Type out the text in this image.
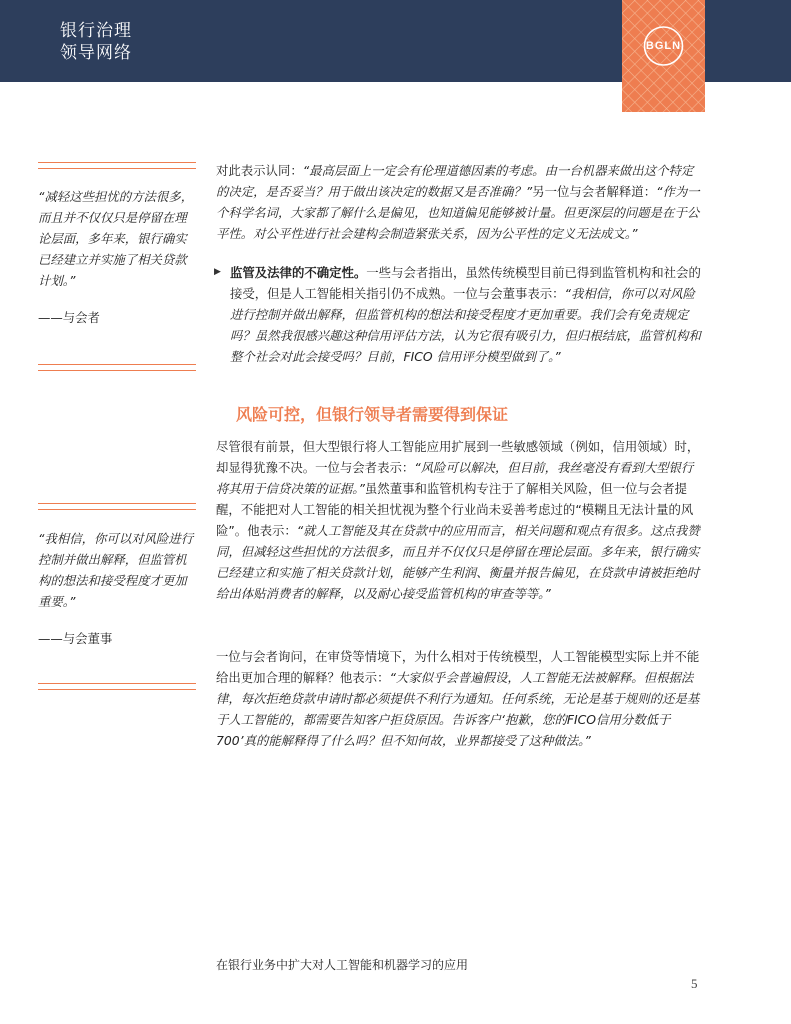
银行治理
领导网络	BGLN

对此表示认同：“最高层面上一定会有伦理道德因素的考虑。由一台机器来做出这个特定的决定，是否妥当？用于做出该决定的数据又是否准确？”另一位与会者解释道：“作为一个科学名词，大家都了解什么是偏见，也知道偏见能够被计量。但更深层的问题是在于公平性。对公平性进行社会建构会制造紧张关系，因为公平性的定义无法成文。”

▶ 监管及法律的不确定性。一些与会者指出，虽然传统模型目前已得到监管机构和社会的接受，但是人工智能相关指引仍不成熟。一位与会董事表示：“我相信，你可以对风险进行控制并做出解释，但监管机构的想法和接受程度才更加重要。我们会有免责规定吗？虽然我很感兴趣这种信用评估方法，认为它很有吸引力，但归根结底，监管机构和整个社会对此会接受吗？目前，FICO 信用评分模型做到了。”
风险可控，但银行领导者需要得到保证

尽管很有前景，但大型银行将人工智能应用扩展到一些敏感领域（例如，信用领域）时，却显得犹豫不决。一位与会者表示：“风险可以解决，但目前，我丝毫没有看到大型银行将其用于信贷决策的证据。”虽然董事和监管机构专注于了解相关风险，但一位与会者提醒，不能把对人工智能的相关担忧视为整个行业尚未妥善考虑过的“模糊且无法计量的风险”。他表示：“就人工智能及其在贷款中的应用而言，相关问题和观点有很多。这点我赞同，但减轻这些担忧的方法很多，而且并不仅仅只是停留在理论层面。多年来，银行确实已经建立和实施了相关贷款计划，能够产生利润、衡量并报告偏见，在贷款申请被拒绝时给出体贴消费者的解释，以及耐心接受监管机构的审查等等。”

一位与会者询问，在审贷等情境下，为什么相对于传统模型，人工智能模型实际上并不能给出更加合理的解释？他表示：“大家似乎会普遍假设，人工智能无法被解释。但根据法律，每次拒绝贷款申请时都必须提供不利行为通知。任何系统，无论是基于规则的还是基于人工智能的，都需要告知客户拒贷原因。告诉客户‘抱歉，您的FICO信用分数低于700’真的能解释得了什么吗？但不知何故，业界都接受了这种做法。”

“减轻这些担忧的方法很多，而且并不仅仅只是停留在理论层面，多年来，银行确实已经建立并实施了相关贷款计划。”
——与会者
“我相信，你可以对风险进行控制并做出解释，但监管机构的想法和接受程度才更加重要。”
——与会董事
在银行业务中扩大对人工智能和机器学习的应用
5
